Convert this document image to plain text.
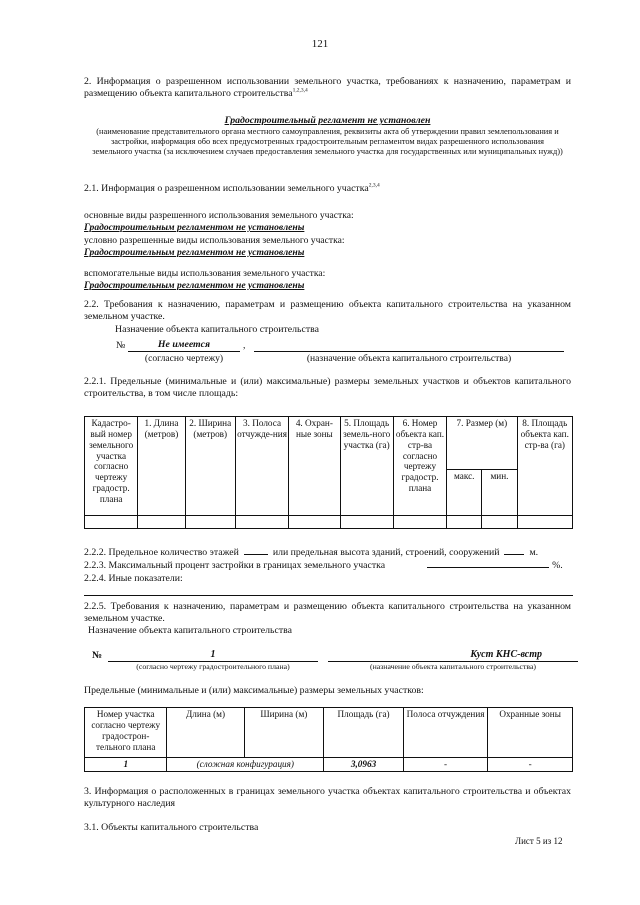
121
2. Информация о разрешенном использовании земельного участка, требованиях к назначению, параметрам и размещению объекта капитального строительства$^{1,2,3,4}$
Градостроительный регламент не установлен
(наименование представительного органа местного самоуправления, реквизиты акта об утверждении правил землепользования и застройки, информация обо всех предусмотренных градостроительным регламентом видах разрешенного использования земельного участка (за исключением случаев предоставления земельного участка для государственных или муниципальных нужд))
2.1. Информация о разрешенном использовании земельного участка$^{2,3,4}$
основные виды разрешенного использования земельного участка:
Градостроительным регламентом не установлены
условно разрешенные виды использования земельного участка:
Градостроительным регламентом не установлены
вспомогательные виды использования земельного участка:
Градостроительным регламентом не установлены
2.2. Требования к назначению, параметрам и размещению объекта капитального строительства на указанном земельном участке.
Назначение объекта капитального строительства
№	Не имеется	,
(согласно чертежу)	(назначение объекта капитального строительства)
2.2.1. Предельные (минимальные и (или) максимальные) размеры земельных участков и объектов капитального строительства, в том числе площадь:
Кадастро-вый номер земельного участка согласно чертежу градостр. плана	1. Длина (метров)	2. Ширина (метров)	3. Полоса отчужде-ния	4. Охран-ные зоны	5. Площадь земель-ного участка (га)	6. Номер объекта кап. стр-ва согласно чертежу градостр. плана	7. Размер (м)		8. Площадь объекта кап. стр-ва (га)
							макс.	мин.	

2.2.2. Предельное количество этажей	или предельная высота зданий, строений, сооружений	м.
2.2.3. Максимальный процент застройки в границах земельного участка	%.
2.2.4. Иные показатели:
2.2.5. Требования к назначению, параметрам и размещению объекта капитального строительства на указанном земельном участке.
Назначение объекта капитального строительства
№	1	Куст КНС-встр
(согласно чертежу градостроительного плана)	(назначение объекта капитального строительства)
Предельные (минимальные и (или) максимальные) размеры земельных участков:
Номер участка согласно чертежу градострон-тельного плана	Длина (м)	Ширина (м)	Площадь (га)	Полоса отчуждения	Охранные зоны
1	(сложная конфигурация)		3,0963	-	-
3. Информация о расположенных в границах земельного участка объектах капитального строительства и объектах культурного наследия
3.1. Объекты капитального строительства
Лист 5 из 12
